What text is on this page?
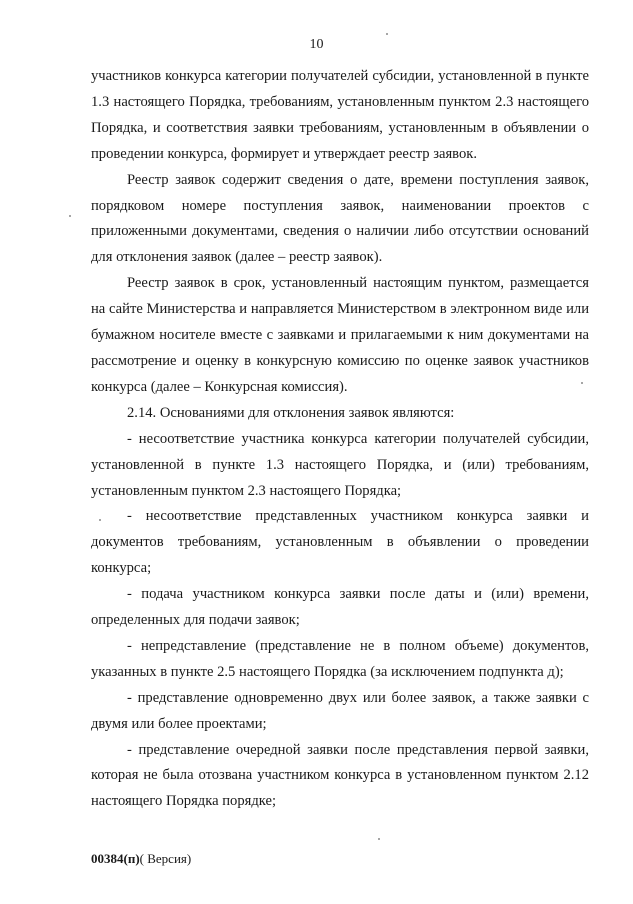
10

участников конкурса категории получателей субсидии, установленной в пункте 1.3 настоящего Порядка, требованиям, установленным пунктом 2.3 настоящего Порядка, и соответствия заявки требованиям, установленным в объявлении о проведении конкурса, формирует и утверждает реестр заявок.

Реестр заявок содержит сведения о дате, времени поступления заявок, порядковом номере поступления заявок, наименовании проектов с приложенными документами, сведения о наличии либо отсутствии оснований для отклонения заявок (далее – реестр заявок).

Реестр заявок в срок, установленный настоящим пунктом, размещается на сайте Министерства и направляется Министерством в электронном виде или бумажном носителе вместе с заявками и прилагаемыми к ним документами на рассмотрение и оценку в конкурсную комиссию по оценке заявок участников конкурса (далее – Конкурсная комиссия).

2.14. Основаниями для отклонения заявок являются:

- несоответствие участника конкурса категории получателей субсидии, установленной в пункте 1.3 настоящего Порядка, и (или) требованиям, установленным пунктом 2.3 настоящего Порядка;

- несоответствие представленных участником конкурса заявки и документов требованиям, установленным в объявлении о проведении конкурса;

- подача участником конкурса заявки после даты и (или) времени, определенных для подачи заявок;

- непредставление (представление не в полном объеме) документов, указанных в пункте 2.5 настоящего Порядка (за исключением подпункта д);

- представление одновременно двух или более заявок, а также заявки с двумя или более проектами;

- представление очередной заявки после представления первой заявки, которая не была отозвана участником конкурса в установленном пунктом 2.12 настоящего Порядка порядке;

00384(п)( Версия)
